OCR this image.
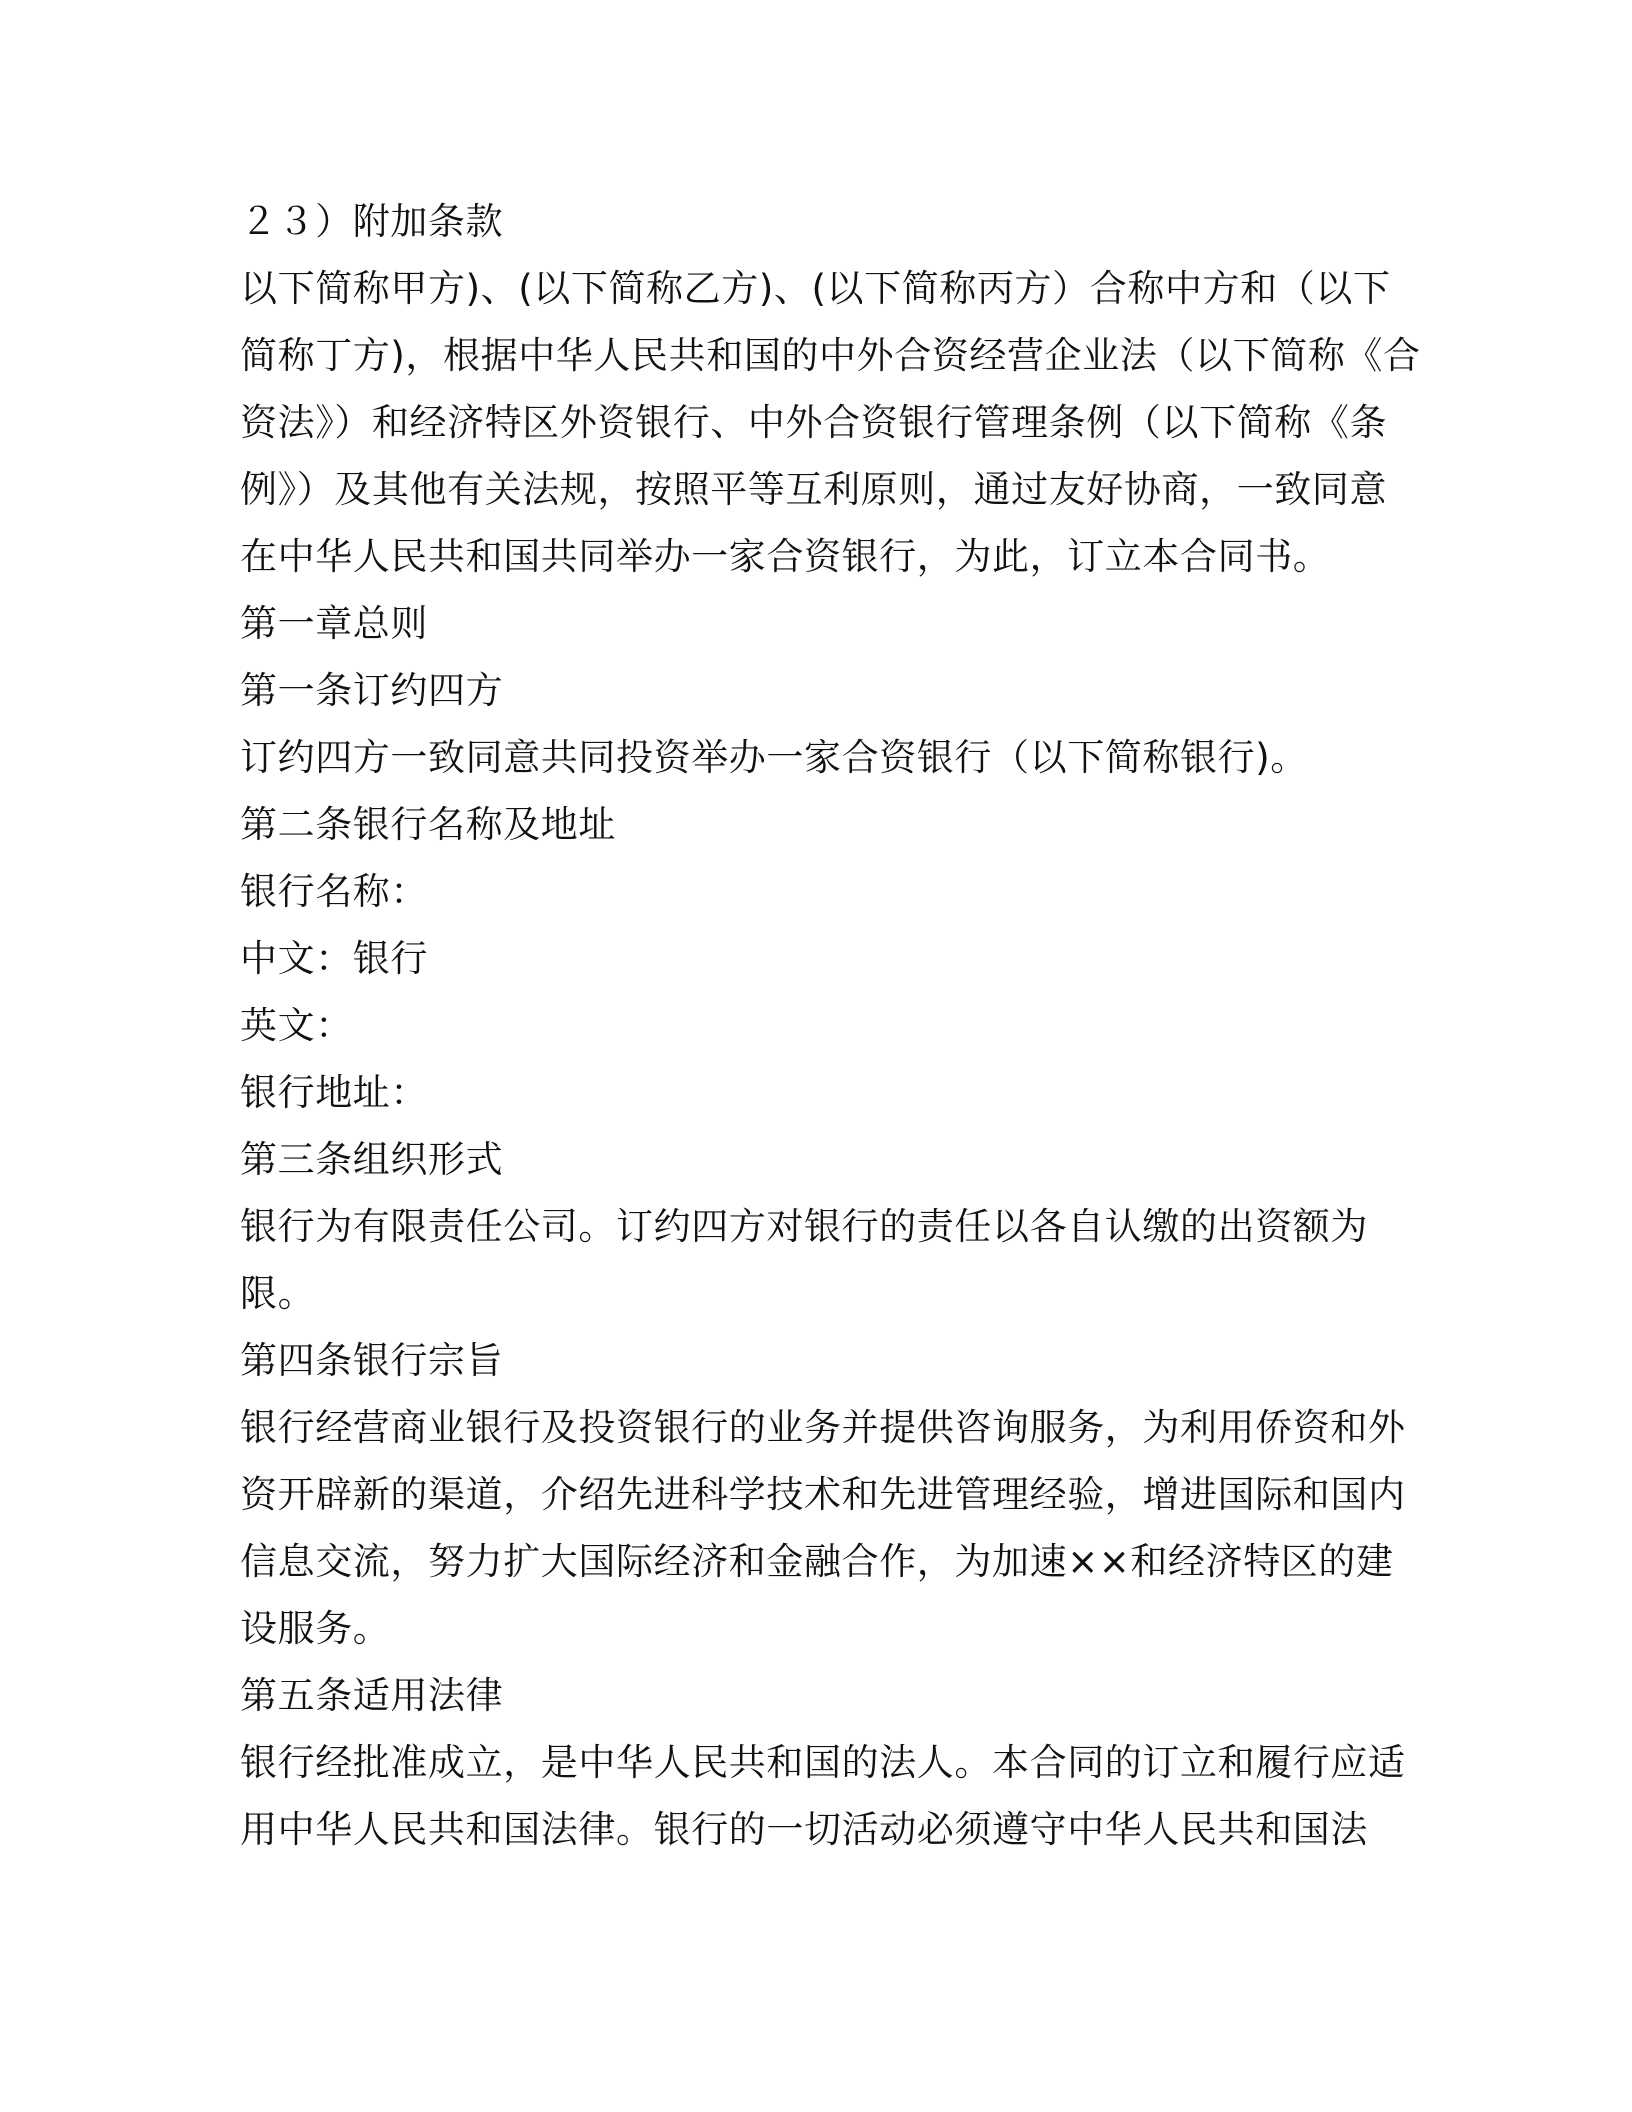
２３）附加条款
以下简称甲方)、(以下简称乙方)、(以下简称丙方）合称中方和（以下
简称丁方)，根据中华人民共和国的中外合资经营企业法（以下简称《合
资法》）和经济特区外资银行、中外合资银行管理条例（以下简称《条
例》）及其他有关法规，按照平等互利原则，通过友好协商，一致同意
在中华人民共和国共同举办一家合资银行，为此，订立本合同书。
第一章总则
第一条订约四方
订约四方一致同意共同投资举办一家合资银行（以下简称银行)。
第二条银行名称及地址
银行名称：
中文：银行
英文：
银行地址：
第三条组织形式
银行为有限责任公司。订约四方对银行的责任以各自认缴的出资额为
限。
第四条银行宗旨
银行经营商业银行及投资银行的业务并提供咨询服务，为利用侨资和外
资开辟新的渠道，介绍先进科学技术和先进管理经验，增进国际和国内
信息交流，努力扩大国际经济和金融合作，为加速××和经济特区的建
设服务。
第五条适用法律
银行经批准成立，是中华人民共和国的法人。本合同的订立和履行应适
用中华人民共和国法律。银行的一切活动必须遵守中华人民共和国法
